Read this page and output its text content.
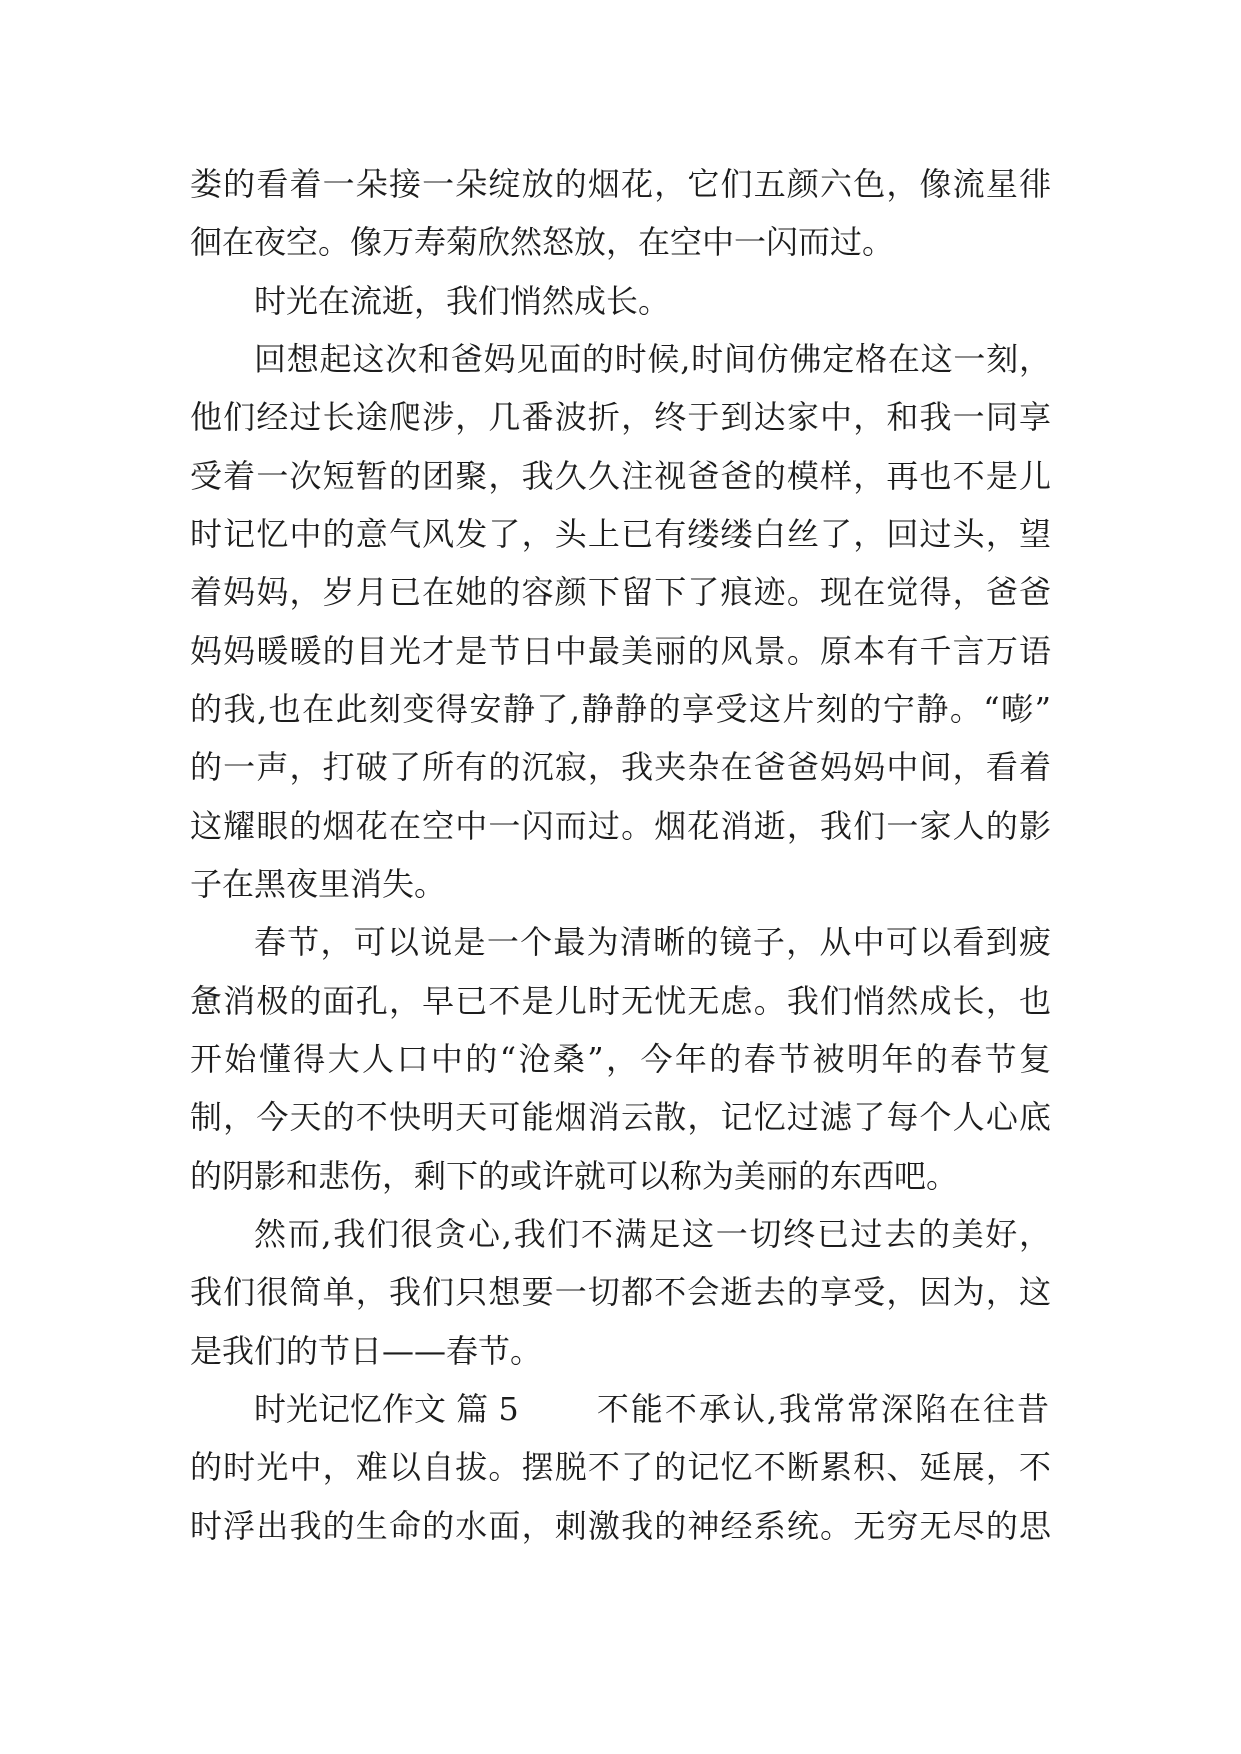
娄的看着一朵接一朵绽放的烟花，它们五颜六色，像流星徘
徊在夜空。像万寿菊欣然怒放，在空中一闪而过。
时光在流逝，我们悄然成长。
回想起这次和爸妈见面的时候,时间仿佛定格在这一刻，
他们经过长途爬涉，几番波折，终于到达家中，和我一同享
受着一次短暂的团聚，我久久注视爸爸的模样，再也不是儿
时记忆中的意气风发了，头上已有缕缕白丝了，回过头，望
着妈妈，岁月已在她的容颜下留下了痕迹。现在觉得，爸爸
妈妈暖暖的目光才是节日中最美丽的风景。原本有千言万语
的我,也在此刻变得安静了,静静的享受这片刻的宁静。“嘭”
的一声，打破了所有的沉寂，我夹杂在爸爸妈妈中间，看着
这耀眼的烟花在空中一闪而过。烟花消逝，我们一家人的影
子在黑夜里消失。
春节，可以说是一个最为清晰的镜子，从中可以看到疲
惫消极的面孔，早已不是儿时无忧无虑。我们悄然成长，也
开始懂得大人口中的“沧桑”，今年的春节被明年的春节复
制，今天的不快明天可能烟消云散，记忆过滤了每个人心底
的阴影和悲伤，剩下的或许就可以称为美丽的东西吧。
然而,我们很贪心,我们不满足这一切终已过去的美好，
我们很简单，我们只想要一切都不会逝去的享受，因为，这
是我们的节日——春节。
时光记忆作文 篇 5 不能不承认,我常常深陷在往昔
的时光中，难以自拔。摆脱不了的记忆不断累积、延展，不
时浮出我的生命的水面，刺激我的神经系统。无穷无尽的思
